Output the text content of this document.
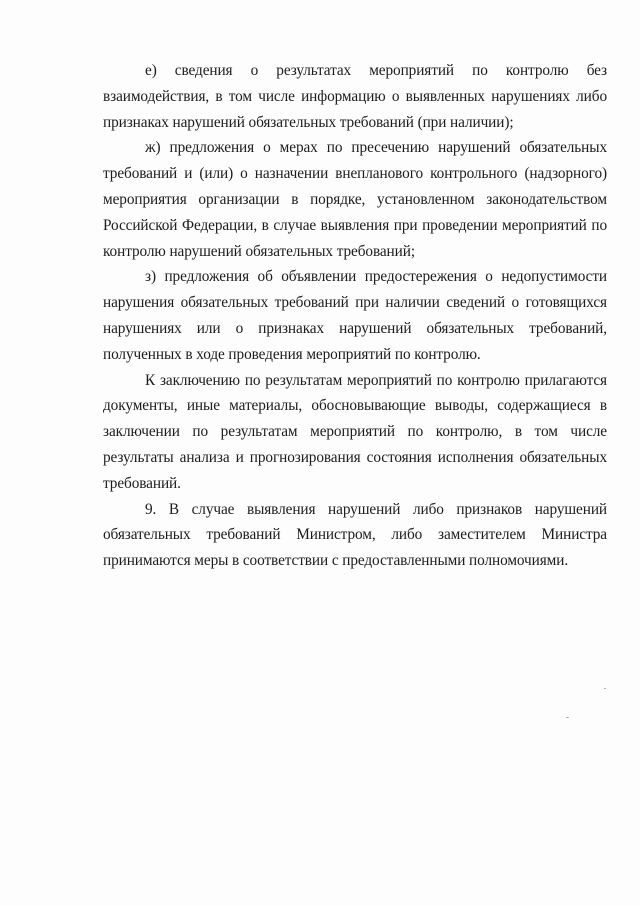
е) сведения о результатах мероприятий по контролю без взаимодействия, в том числе информацию о выявленных нарушениях либо признаках нарушений обязательных требований (при наличии);

ж) предложения о мерах по пресечению нарушений обязательных требований и (или) о назначении внепланового контрольного (надзорного) мероприятия организации в порядке, установленном законодательством Российской Федерации, в случае выявления при проведении мероприятий по контролю нарушений обязательных требований;

з) предложения об объявлении предостережения о недопустимости нарушения обязательных требований при наличии сведений о готовящихся нарушениях или о признаках нарушений обязательных требований, полученных в ходе проведения мероприятий по контролю.

К заключению по результатам мероприятий по контролю прилагаются документы, иные материалы, обосновывающие выводы, содержащиеся в заключении по результатам мероприятий по контролю, в том числе результаты анализа и прогнозирования состояния исполнения обязательных требований.

9. В случае выявления нарушений либо признаков нарушений обязательных требований Министром, либо заместителем Министра принимаются меры в соответствии с предоставленными полномочиями.
